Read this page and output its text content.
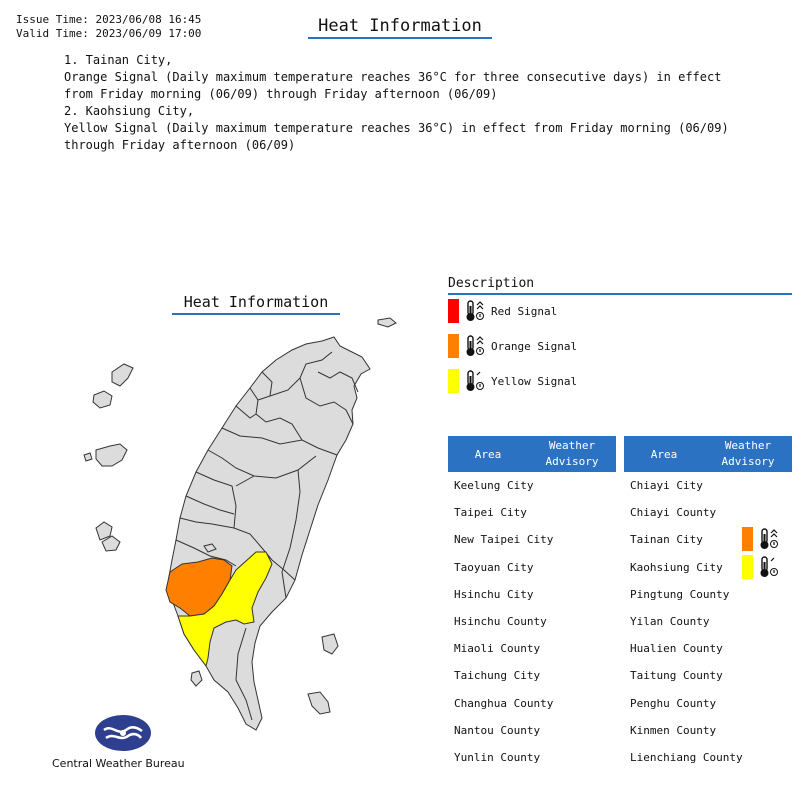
Issue Time: 2023/06/08 16:45
Valid Time: 2023/06/09 17:00	Heat Information
1. Tainan City,
Orange Signal (Daily maximum temperature reaches 36°C for three consecutive days) in effect
from Friday morning (06/09) through Friday afternoon (06/09)
2. Kaohsiung City,
Yellow Signal (Daily maximum temperature reaches 36°C) in effect from Friday morning (06/09)
through Friday afternoon (06/09)
Heat Information
Description
Red Signal
Orange Signal
Yellow Signal
Area
Weather
Advisory
Keelung City
Taipei City
New Taipei City
Taoyuan City
Hsinchu City
Hsinchu County
Miaoli County
Taichung City
Changhua County
Nantou County
Yunlin County
Area
Weather
Advisory
Chiayi City
Chiayi County
Tainan City
Kaohsiung City
Pingtung County
Yilan County
Hualien County
Taitung County
Penghu County
Kinmen County
Lienchiang County
Central Weather Bureau
